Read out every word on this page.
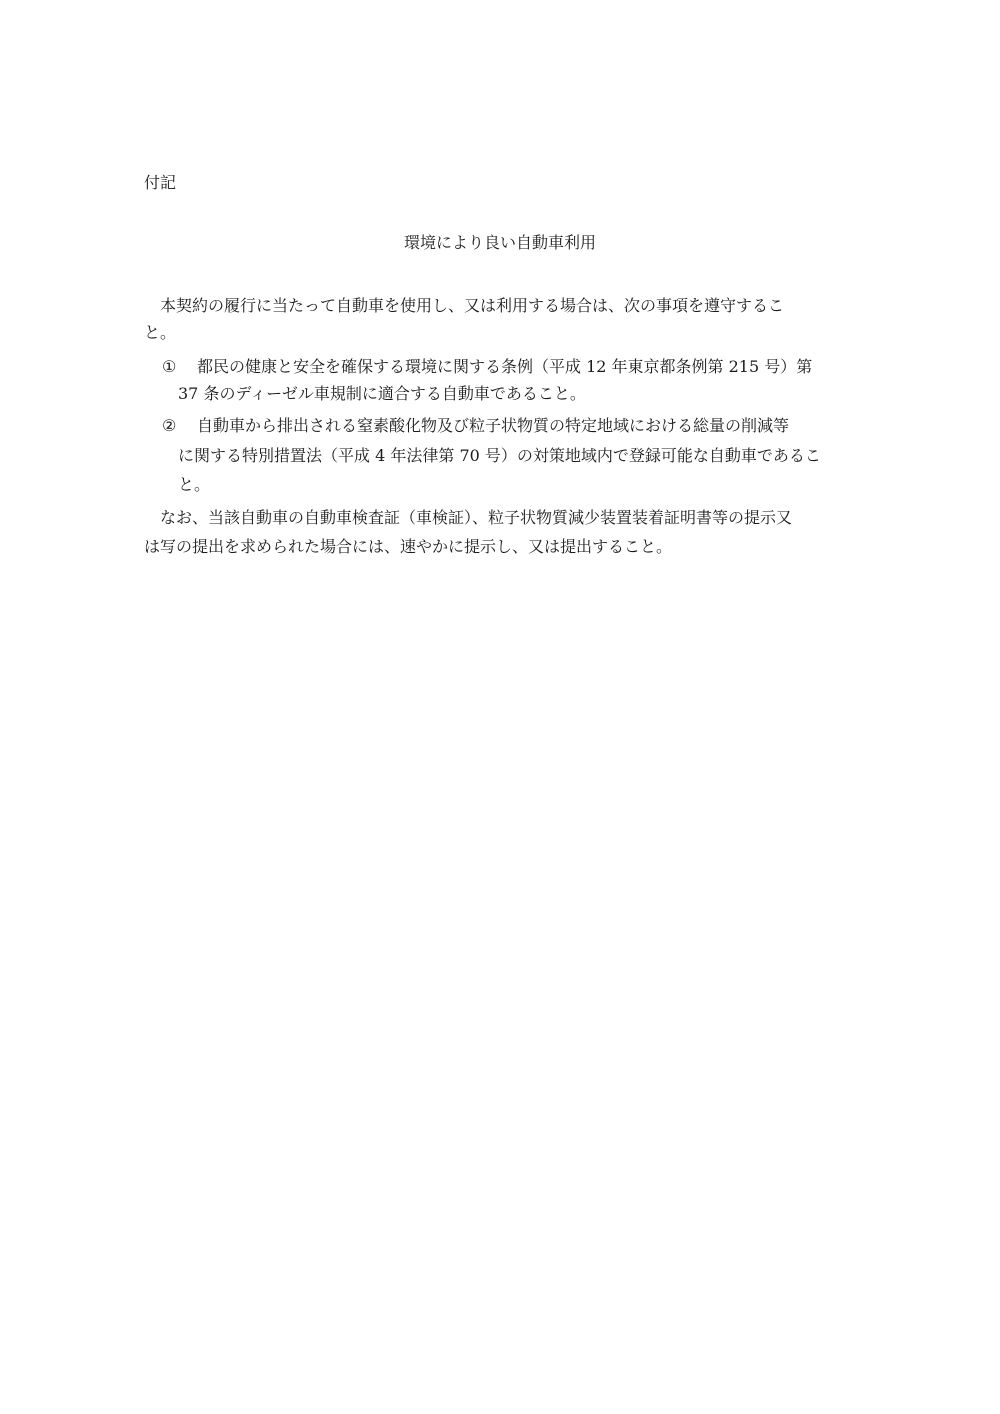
付記
環境により良い自動車利用
本契約の履行に当たって自動車を使用し、又は利用する場合は、次の事項を遵守するこ
と。
① 都民の健康と安全を確保する環境に関する条例（平成 12 年東京都条例第 215 号）第
37 条のディーゼル車規制に適合する自動車であること。
② 自動車から排出される窒素酸化物及び粒子状物質の特定地域における総量の削減等
に関する特別措置法（平成 4 年法律第 70 号）の対策地域内で登録可能な自動車であるこ
と。
なお、当該自動車の自動車検査証（車検証）、粒子状物質減少装置装着証明書等の提示又
は写の提出を求められた場合には、速やかに提示し、又は提出すること。
